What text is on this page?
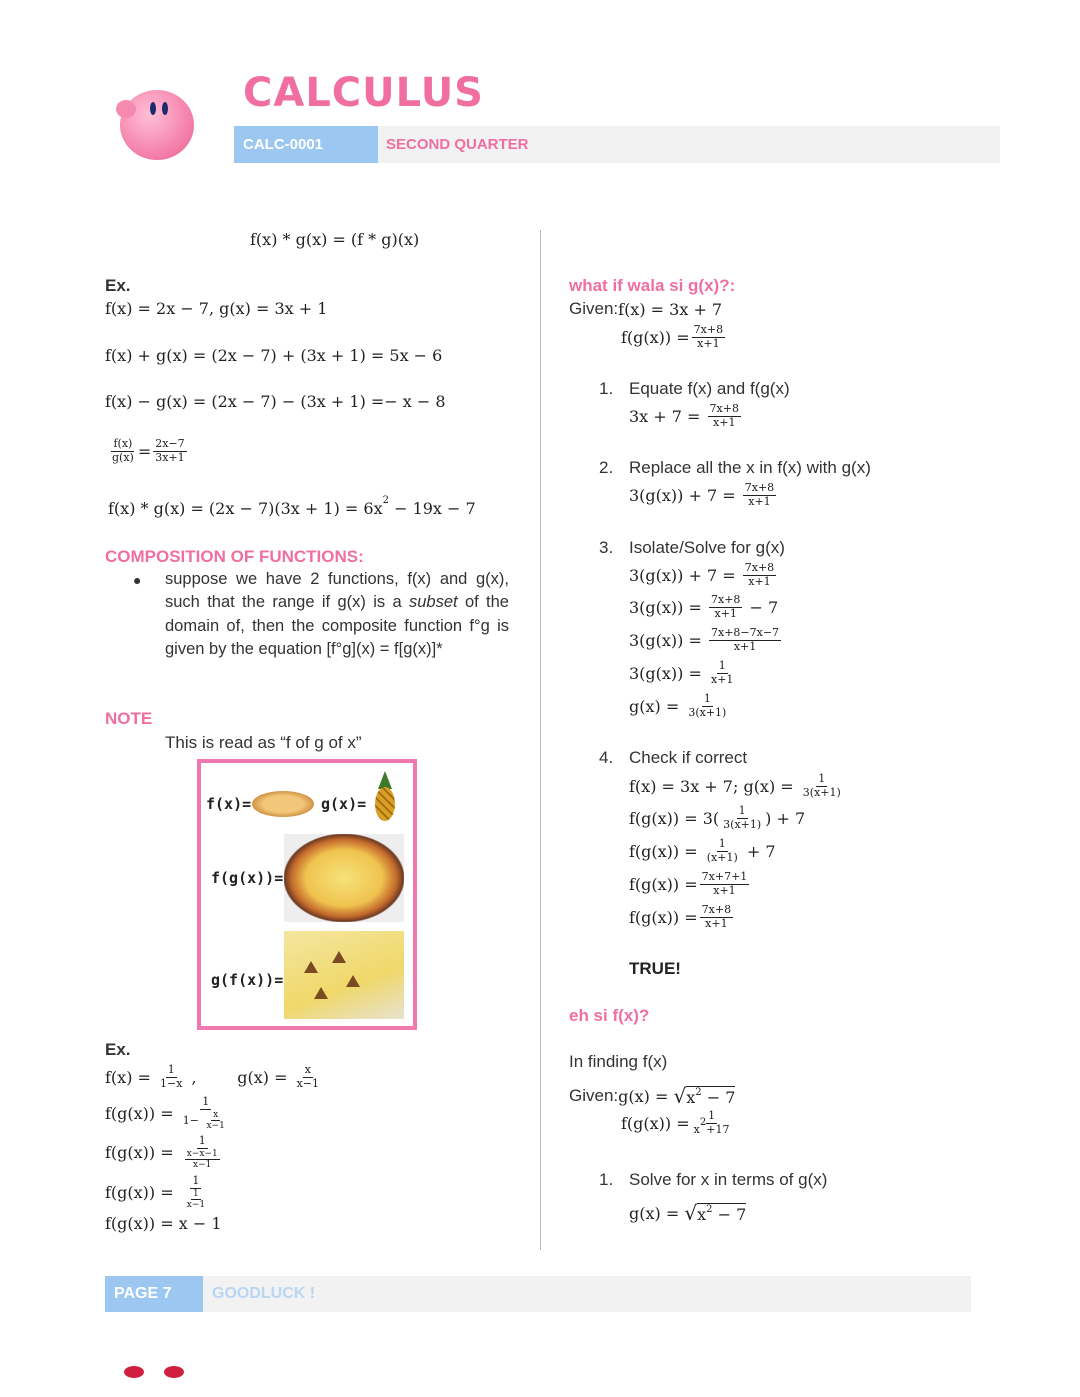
CALCULUS
CALC-0001	SECOND QUARTER
f(x) * g(x) = (f * g)(x)
Ex.
f(x) = 2x − 7, g(x) = 3x + 1
f(x) + g(x) = (2x − 7) + (3x + 1) = 5x − 6
f(x) − g(x) = (2x − 7) − (3x + 1) =− x − 8
$\frac{f(x)}{g(x)} = \frac{2x-7}{3x+1}$
f(x) * g(x) = (2x − 7)(3x + 1) = 6x 2 − 19x − 7
COMPOSITION OF FUNCTIONS:
● suppose we have 2 functions, f(x) and g(x), such that the range if g(x) is a subset of the domain of, then the composite function f°g is given by the equation [f°g](x) = f[g(x)]*
NOTE
This is read as “f of g of x”
f(x)=	g(x)=
f(g(x))=
g(f(x))=
Ex.
$f(x) = \frac{1}{1-x}$ ,        $g(x) = \frac{x}{x-1}$
$f(g(x)) = \frac{1}{1- \frac{x}{x-1}}$
$f(g(x)) = \frac{1}{\frac{x-x-1}{x-1}}$
$f(g(x)) = \frac{1}{\frac{1}{x-1}}$
f(g(x)) = x − 1
what if wala si g(x)?:
Given: f(x) = 3x + 7
$f(g(x)) = \frac{7x+8}{x+1}$
1. Equate f(x) and f(g(x)
$3x + 7 = \frac{7x+8}{x+1}$
2. Replace all the x in f(x) with g(x)
$3(g(x)) + 7 = \frac{7x+8}{x+1}$
3. Isolate/Solve for g(x)
$3(g(x)) + 7 = \frac{7x+8}{x+1}$
$3(g(x)) = \frac{7x+8}{x+1} - 7$
$3(g(x)) = \frac{7x+8-7x-7}{x+1}$
$3(g(x)) = \frac{1}{x+1}$
$g(x) = \frac{1}{3(x+1)}$
4. Check if correct
f(x) = 3x + 7; $g(x) = \frac{1}{3(x+1)}$
$f(g(x)) = 3( \frac{1}{3(x+1)}$ ) + 7
$f(g(x)) = \frac{1}{(x+1)} + 7$
$f(g(x)) = \frac{7x+7+1}{x+1}$
$f(g(x)) = \frac{7x+8}{x+1}$
TRUE!
eh si f(x)?
In finding f(x)
Given: g(x) = √ $x^2 - 7$
$f(g(x)) = \frac{1}{x2+17}$
1. Solve for x in terms of g(x)
g(x) = √ $x^2 - 7$
PAGE 7	GOODLUCK !
